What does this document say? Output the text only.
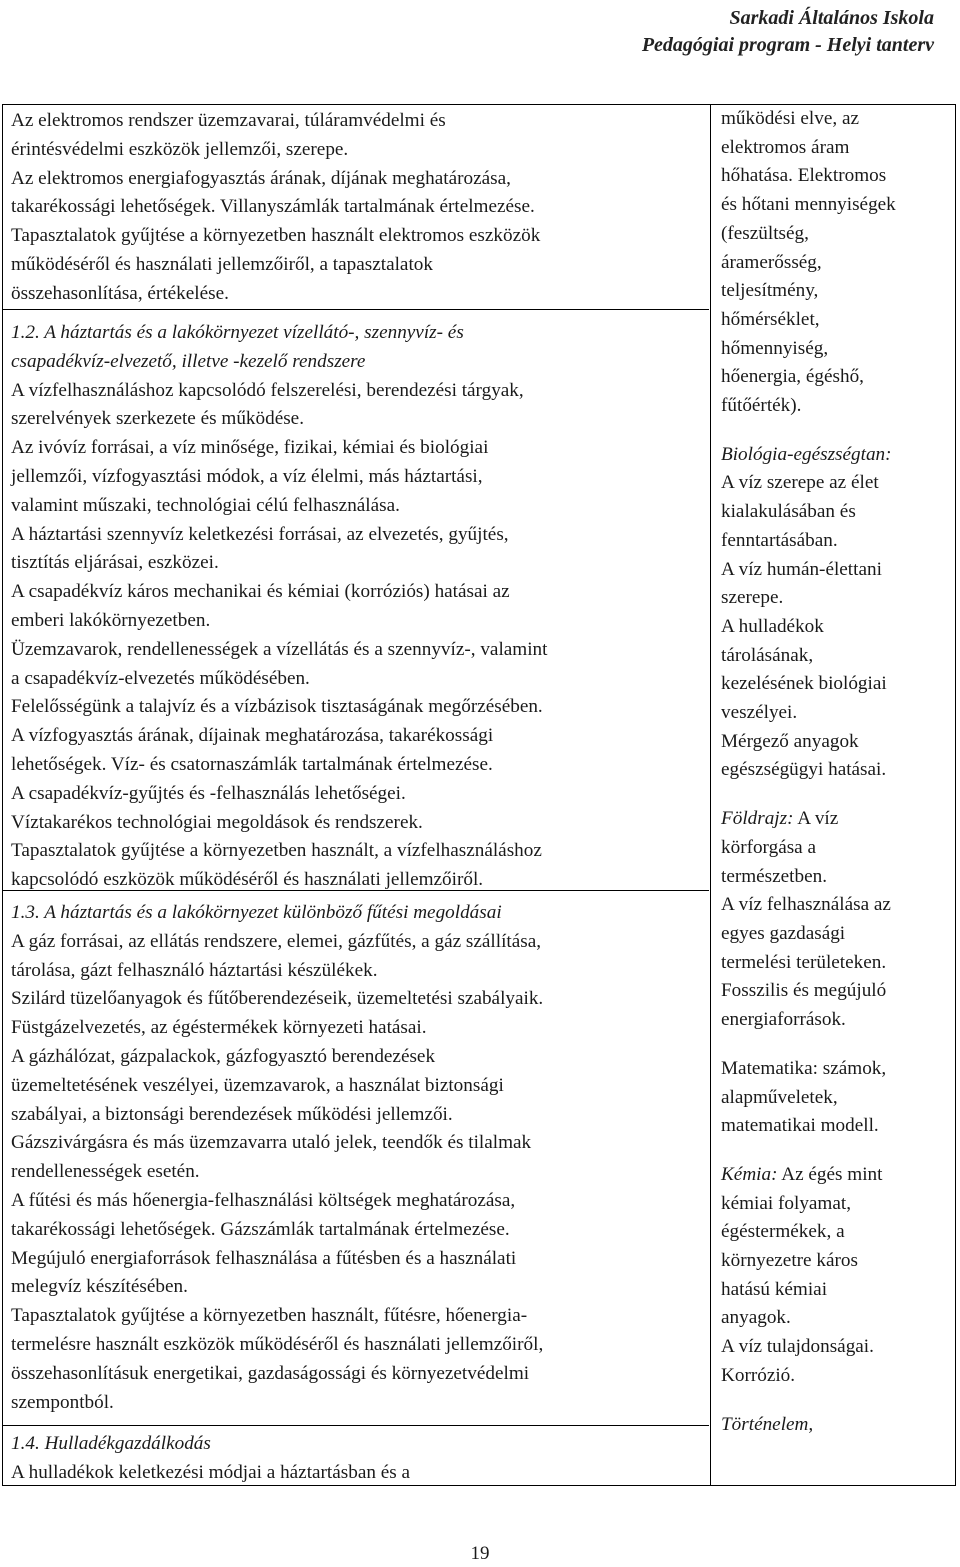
Sarkadi Általános Iskola
Pedagógiai program - Helyi tanterv
Az elektromos rendszer üzemzavarai, túláramvédelmi és
érintésvédelmi eszközök jellemzői, szerepe.
Az elektromos energiafogyasztás árának, díjának meghatározása,
takarékossági lehetőségek. Villanyszámlák tartalmának értelmezése.
Tapasztalatok gyűjtése a környezetben használt elektromos eszközök
működéséről és használati jellemzőiről, a tapasztalatok
összehasonlítása, értékelése.
1.2. A háztartás és a lakókörnyezet vízellátó-, szennyvíz- és
csapadékvíz-elvezető, illetve -kezelő rendszere
A vízfelhasználáshoz kapcsolódó felszerelési, berendezési tárgyak,
szerelvények szerkezete és működése.
Az ivóvíz forrásai, a víz minősége, fizikai, kémiai és biológiai
jellemzői, vízfogyasztási módok, a víz élelmi, más háztartási,
valamint műszaki, technológiai célú felhasználása.
A háztartási szennyvíz keletkezési forrásai, az elvezetés, gyűjtés,
tisztítás eljárásai, eszközei.
A csapadékvíz káros mechanikai és kémiai (korróziós) hatásai az
emberi lakókörnyezetben.
Üzemzavarok, rendellenességek a vízellátás és a szennyvíz-, valamint
a csapadékvíz-elvezetés működésében.
Felelősségünk a talajvíz és a vízbázisok tisztaságának megőrzésében.
A vízfogyasztás árának, díjainak meghatározása, takarékossági
lehetőségek. Víz- és csatornaszámlák tartalmának értelmezése.
A csapadékvíz-gyűjtés és -felhasználás lehetőségei.
Víztakarékos technológiai megoldások és rendszerek.
Tapasztalatok gyűjtése a környezetben használt, a vízfelhasználáshoz
kapcsolódó eszközök működéséről és használati jellemzőiről.

1.3. A háztartás és a lakókörnyezet különböző fűtési megoldásai

A gáz forrásai, az ellátás rendszere, elemei, gázfűtés, a gáz szállítása,
tárolása, gázt felhasználó háztartási készülékek.
Szilárd tüzelőanyagok és fűtőberendezéseik, üzemeltetési szabályaik.
Füstgázelvezetés, az égéstermékek környezeti hatásai.
A gázhálózat, gázpalackok, gázfogyasztó berendezések
üzemeltetésének veszélyei, üzemzavarok, a használat biztonsági
szabályai, a biztonsági berendezések működési jellemzői.
Gázszivárgásra és más üzemzavarra utaló jelek, teendők és tilalmak
rendellenességek esetén.
A fűtési és más hőenergia-felhasználási költségek meghatározása,
takarékossági lehetőségek. Gázszámlák tartalmának értelmezése.
Megújuló energiaforrások felhasználása a fűtésben és a használati
melegvíz készítésében.
Tapasztalatok gyűjtése a környezetben használt, fűtésre, hőenergia-
termelésre használt eszközök működéséről és használati jellemzőiről,
összehasonlításuk energetikai, gazdaságossági és környezetvédelmi
szempontból.

1.4. Hulladékgazdálkodás

A hulladékok keletkezési módjai a háztartásban és a
működési elve, az
elektromos áram
hőhatása. Elektromos
és hőtani mennyiségek
(feszültség,
áramerősség,
teljesítmény,
hőmérséklet,
hőmennyiség,
hőenergia, égéshő,
fűtőérték).

Biológia-egészségtan:

A víz szerepe az élet
kialakulásában és
fenntartásában.
A víz humán-élettani
szerepe.
A hulladékok
tárolásának,
kezelésének biológiai
veszélyei.
Mérgező anyagok
egészségügyi hatásai.

Földrajz: A víz

körforgása a
természetben.
A víz felhasználása az
egyes gazdasági
termelési területeken.
Fosszilis és megújuló
energiaforrások.
Matematika: számok,
alapműveletek,
matematikai modell.

Kémia: Az égés mint

kémiai folyamat,
égéstermékek, a
környezetre káros
hatású kémiai
anyagok.
A víz tulajdonságai.
Korrózió.

Történelem,

19
